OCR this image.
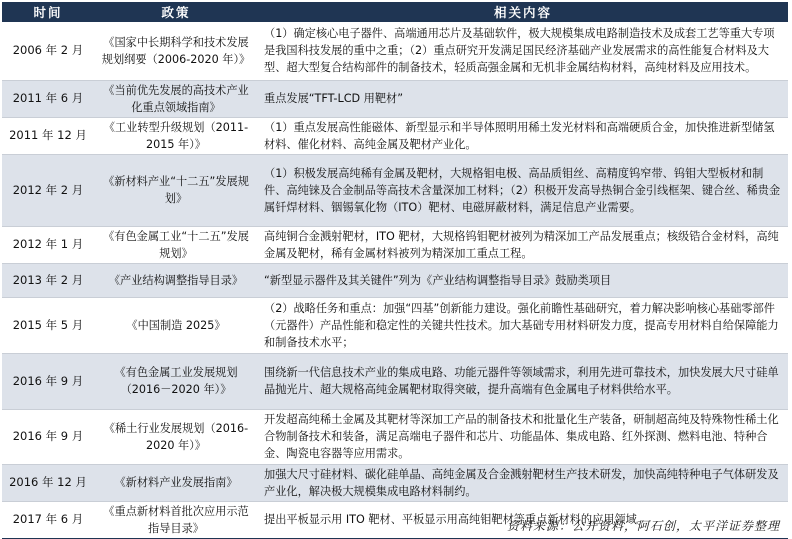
时间	政策	相关内容
2006 年 2 月	《国家中长期科学和技术发展规划纲要（2006-2020 年）》	（1）确定核心电子器件、高端通用芯片及基础软件，极大规模集成电路制造技术及成套工艺等重大专项是我国科技发展的重中之重；（2）重点研究开发满足国民经济基础产业发展需求的高性能复合材料及大型、超大型复合结构部件的制备技术，轻质高强金属和无机非金属结构材料，高纯材料及应用技术。
2011 年 6 月	《当前优先发展的高技术产业化重点领域指南》	重点发展“TFT-LCD 用靶材”
2011 年 12 月	《工业转型升级规划（2011-2015 年）》	（1）重点发展高性能磁体、新型显示和半导体照明用稀土发光材料和高端硬质合金，加快推进新型储氢材料、催化材料、高纯金属及靶材产业化。
2012 年 2 月	《新材料产业“十二五”发展规划》	（1）积极发展高纯稀有金属及靶材，大规格钼电极、高品质钼丝、高精度钨窄带、钨钼大型板材和制件、高纯铼及合金制品等高技术含量深加工材料；（2）积极开发高导热铜合金引线框架、键合丝、稀贵金属钎焊材料、铟锡氧化物（ITO）靶材、电磁屏蔽材料，满足信息产业需要。
2012 年 1 月	《有色金属工业“十二五”发展规划》	高纯铜合金溅射靶材，ITO 靶材，大规格钨钼靶材被列为精深加工产品发展重点；核级锆合金材料，高纯金属及靶材，稀有金属材料被列为精深加工重点工程。
2013 年 2 月	《产业结构调整指导目录》	“新型显示器件及其关键件”列为《产业结构调整指导目录》鼓励类项目
2015 年 5 月	《中国制造 2025》	（2）战略任务和重点：加强“四基”创新能力建设。强化前瞻性基础研究，着力解决影响核心基础零部件（元器件）产品性能和稳定性的关键共性技术。加大基础专用材料研发力度，提高专用材料自给保障能力和制备技术水平；
2016 年 9 月	《有色金属工业发展规划（2016－2020 年）》	围绕新一代信息技术产业的集成电路、功能元器件等领域需求，利用先进可靠技术，加快发展大尺寸硅单晶抛光片、超大规格高纯金属靶材取得突破，提升高端有色金属电子材料供给水平。
2016 年 9 月	《稀土行业发展规划（2016-2020 年）》	开发超高纯稀土金属及其靶材等深加工产品的制备技术和批量化生产装备，研制超高纯及特殊物性稀土化合物制备技术和装备，满足高端电子器件和芯片、功能晶体、集成电路、红外探测、燃料电池、特种合金、陶瓷电容器等应用需求。
2016 年 12 月	《新材料产业发展指南》	加强大尺寸硅材料、碳化硅单晶、高纯金属及合金溅射靶材生产技术研发，加快高纯特种电子气体研发及产业化，解决极大规模集成电路材料制约。
2017 年 6 月	《重点新材料首批次应用示范指导目录》	提出平板显示用 ITO 靶材、平板显示用高纯钼靶材等重点新材料的应用领域。
资料来源：公开资料，阿石创，太平洋证券整理
